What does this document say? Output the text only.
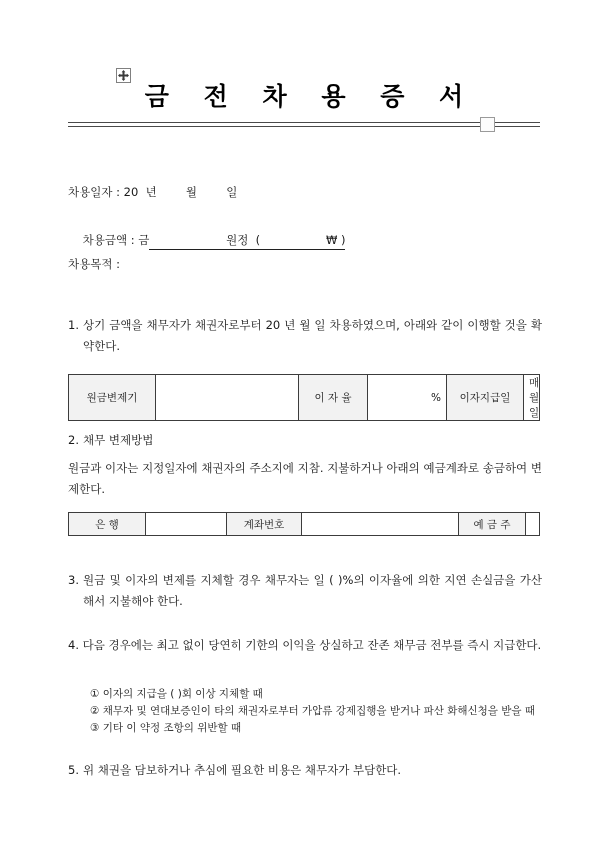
금 전 차 용 증 서
차용일자 : 20  년        월        일

차용금액 : 금                     원정  (                  ₩ )

차용목적 :
1. 상기 금액을 채무자가 채권자로부터 20 년 월 일 차용하였으며, 아래와 같이 이행할 것을 확약한다.
원금변제기		이 자 율	%	이자지급일	매월 일
2. 채무 변제방법
원금과 이자는 지정일자에 채권자의 주소지에 지참. 지불하거나 아래의 예금계좌로 송금하여 변제한다.
은 행		계좌번호		예 금 주	
3. 원금 및 이자의 변제를 지체할 경우 채무자는 일 ( )%의 이자율에 의한 지연 손실금을 가산해서 지불해야 한다.
4. 다음 경우에는 최고 없이 당연히 기한의 이익을 상실하고 잔존 채무금 전부를 즉시 지급한다.
① 이자의 지급을 ( )회 이상 지체할 때
② 채무자 및 연대보증인이 타의 채권자로부터 가압류 강제집행을 받거나 파산 화해신청을 받을 때
③ 기타 이 약정 조항의 위반할 때
5. 위 채권을 담보하거나 추심에 필요한 비용은 채무자가 부담한다.
